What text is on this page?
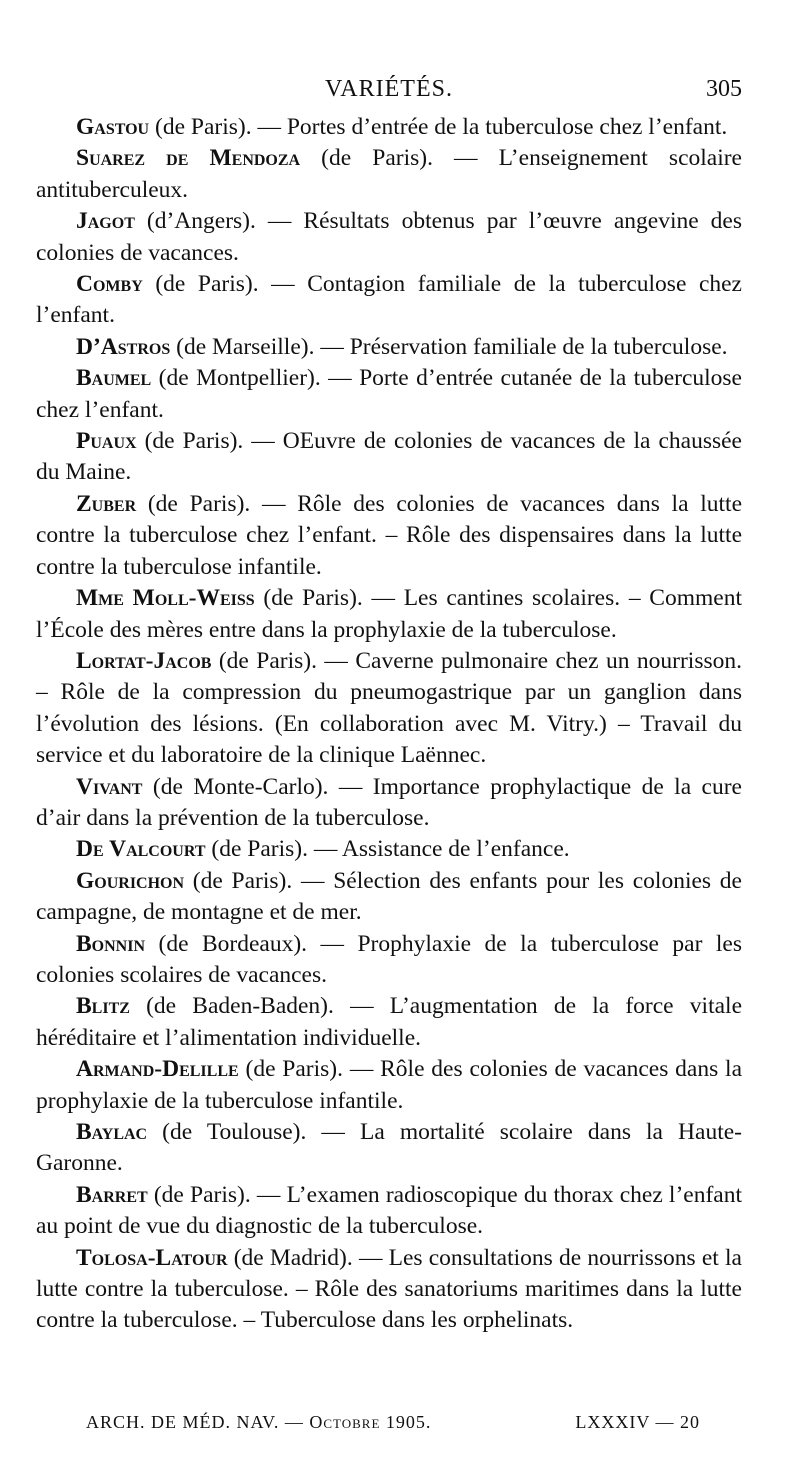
VARIÉTÉS.	305

Gastou (de Paris). — Portes d’entrée de la tuberculose chez l’enfant.

Suarez de Mendoza (de Paris). — L’enseignement scolaire antituberculeux.

Jagot (d’Angers). — Résultats obtenus par l’œuvre angevine des colonies de vacances.

Comby (de Paris). — Contagion familiale de la tuberculose chez l’enfant.

D’Astros (de Marseille). — Préservation familiale de la tuberculose.

Baumel (de Montpellier). — Porte d’entrée cutanée de la tuberculose chez l’enfant.

Puaux (de Paris). — OEuvre de colonies de vacances de la chaussée du Maine.

Zuber (de Paris). — Rôle des colonies de vacances dans la lutte contre la tuberculose chez l’enfant. – Rôle des dispensaires dans la lutte contre la tuberculose infantile.

Mme Moll-Weiss (de Paris). — Les cantines scolaires. – Comment l’École des mères entre dans la prophylaxie de la tuberculose.

Lortat-Jacob (de Paris). — Caverne pulmonaire chez un nourrisson. – Rôle de la compression du pneumogastrique par un ganglion dans l’évolution des lésions. (En collaboration avec M. Vitry.) – Travail du service et du laboratoire de la clinique Laënnec.

Vivant (de Monte-Carlo). — Importance prophylactique de la cure d’air dans la prévention de la tuberculose.

De Valcourt (de Paris). — Assistance de l’enfance.

Gourichon (de Paris). — Sélection des enfants pour les colonies de campagne, de montagne et de mer.

Bonnin (de Bordeaux). — Prophylaxie de la tuberculose par les colonies scolaires de vacances.

Blitz (de Baden-Baden). — L’augmentation de la force vitale héréditaire et l’alimentation individuelle.

Armand-Delille (de Paris). — Rôle des colonies de vacances dans la prophylaxie de la tuberculose infantile.

Baylac (de Toulouse). — La mortalité scolaire dans la Haute-Garonne.

Barret (de Paris). — L’examen radioscopique du thorax chez l’enfant au point de vue du diagnostic de la tuberculose.

Tolosa-Latour (de Madrid). — Les consultations de nourrissons et la lutte contre la tuberculose. – Rôle des sanatoriums maritimes dans la lutte contre la tuberculose. – Tuberculose dans les orphelinats.

ARCH. DE MÉD. NAV. — Octobre 1905.	LXXXIV — 20
